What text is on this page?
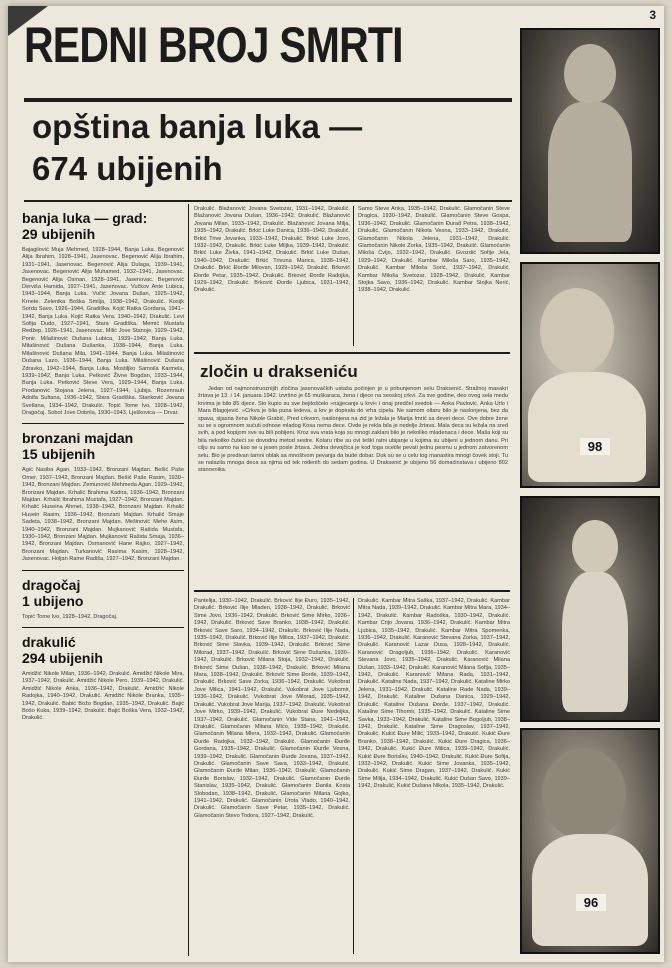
3
REDNI BROJ SMRTI
opština banja luka —
674 ubijenih
banja luka — grad:
29 ubijenih
Bajagilović Muja Mehmed, 1928–1944, Banja Luka. Begenović Alija Ibrahim, 1928–1941, Jasenovac. Begenović Alija Ibrahim, 1931–1941, Jasenovac. Begenović Alija Dulaga, 1939–1941, Jasenovac. Begenović Alija Muhamed, 1932–1941, Jasenovac. Begenović Alija Osman, 1928–1941, Jasenovac. Begenović Derviša Hamida, 1927–1941, Jasenovac. Vučkov Ante Lubica, 1943–1944, Banja Luka. Vučić Jovana Dušan, 1925–1942, Krnete. Zelenika Boška Smilja, 1938–1942, Drakulić. Kosijk Sorda Savo, 1926–1944, Gradiška. Kojić Ratka Gordana, 1941–1942, Banja Luka. Kojić Ratka Vera, 1940–1942, Drakulić. Levi Sofija Dudo, 1927–1941, Stara Gradiška. Memić Mustafa Redžep, 1926–1941, Jasenovac. Milić Jove Stanoje, 1929–1942, Ponir. Milašinović Dušana Lubica, 1939–1942, Banja Luka. Milašinović Dušana Dušanka, 1938–1944, Banja Luka. Milašinović Dušana Mila, 1941–1944, Banja Luka. Milašinović Dušana Lazo, 1936–1944, Banja Luka. Milašinović Dušana Zdravko, 1942–1944, Banja Luka. Mostiljko Samoila Karmela, 1939–1942, Banja Luka. Petković Živne Bogdan, 1933–1944, Banja Luka. Petković Steve Vera, 1929–1944, Banja Luka. Prodanović Stojana Jelena, 1927–1944, Ljubija. Rozenrauh Adolfa Sultana, 1936–1942, Stara Gradiška. Stanković Jovana Svetlana, 1934–1942, Drakulić. Topić Tome Ivo, 1928–1942, Dragočaj. Sobot Jove Dobrila, 1930–1943, Lješkovica — Drvar.
bronzani majdan
15 ubijenih
Agić Nasiba Agan, 1933–1942, Bronzani Majdan. Bešić Paše Omer, 1937–1942, Bronzani Majdan. Bešić Paše Rasim, 1930–1942, Bronzani Majdan. Zemunović Mehmeda Agan, 1929–1942, Bronzani Majdan. Krhalić Brahima Kadira, 1936–1942, Bronzani Majdan. Krhalić Ibrahima Mustafa, 1927–1942, Bronzani Majdan. Krhalić Huseina Ahmet, 1938–1942, Bronzani Majdan. Krhalić Husein Rasim, 1936–1942, Bronzani Majdan. Krhalić Smaje Sadeta, 1938–1942, Bronzani Majdan. Mešinović Mehe Asim, 1940–1942, Bronzani Majdan. Mujkanović Rašida Mustafa, 1930–1942, Bronzani Majdan. Mujkanović Rašida Smaja, 1936–1942, Bronzani Majdan. Osmanović Hane Rajko, 1927–1942, Bronzani Majdan. Turkanović Rasima Kasim, 1928–1942, Jasenovac. Holjan Rame Radiša, 1927–1942, Bronzani Majdan.
dragočaj
1 ubijeno
Topić Tome Ivo, 1928–1942, Dragočaj.
drakulić
294 ubijenih
Amidžić Nikole Milan, 1936–1942, Drakulić. Amidžić Nikole Mira, 1937–1942, Drakulić. Amidžić Nikole Pero, 1939–1942, Drakulić. Amidžić Nikole Anka, 1936–1942, Drakulić. Amidžić Nikole Radojka, 1940–1942, Drakulić. Amidžić Nikole Branka, 1935–1942, Drakulić. Babić Božo Bogdan, 1935–1942, Drakulić. Bajić Bošo Kuka, 1939–1942, Drakulić. Bajić Boška Vera, 1932–1942, Drakulić.
Drakulić. Blažanović Jovana Svetozar, 1931–1942, Drakulić. Blažanović Jovana Dušan, 1936–1942, Drakulić. Blažanović Jovana Milan, 1933–1942, Drakulić. Blažanović Jovana Milja, 1935–1942, Drakulić. Brkić Luke Danica, 1936–1942, Drakulić. Brkić Trive Jovanka, 1933–1942, Drakulić. Brkić Luke Jovo, 1932–1942, Drakulić. Brkić Luke Miljka, 1939–1942, Drakulić. Brkić Luke Živka, 1941–1942, Drakulić. Brkić Luke Dušan, 1940–1942, Drakulić. Brkić Trivuna Marica, 1938–1942, Drakulić. Brkić Đorđe Milovan, 1929–1942, Drakulić. Brković Đorđe Petar, 1935–1942, Drakulić. Brković Đorđe Radojka, 1929–1942, Drakulić. Brković Đorđe Ljubica, 1931–1942, Drakulić.
Samo Steve Anka, 1935–1942, Drakulić. Glamočanin Steve Dragica, 1930–1942, Drakulić. Glamočanin Steve Gospa, 1936–1942, Drakulić. Glamočanin Đurađ Petra, 1938–1942, Drakulić. Glamočanin Nikola Vesna, 1933–1942, Drakulić. Glamočanin Nikola Jelena, 1931–1942, Drakulić. Glamočanin Nikole Zorka, 1935–1942, Drakulić. Glamočanin Miloša Cvijo, 1932–1942, Drakulić. Gvozdić Sofije Jela, 1929–1942, Drakulić. Kambar Miloša Saro, 1935–1942, Drakulić. Kambar Miloša Sorić, 1937–1942, Drakulić. Kambar Miloša Svetozar, 1928–1942, Drakulić. Kambar Stojka Savo, 1936–1942, Drakulić. Kambar Stojka Nerić, 1938–1942, Drakulić.
zločin u drakseniću
Jedan od najmonstruoznijih zločina jasenovačkih ustaša počinjen je u pobunjenom selu Draksenić. Strašnoj masakri žrtava je 13. i 14. januara 1942. izvršno je 65 muškaraca, žena i djece na seoskoj crkvi. Za sve godine, deo ovog sela medu krvima je bilo 85 djece. Sto kupio su sve bejitošćelo »najjecanje u krvi« i onaj predčel svedok — Anka Pavlović. Anka Urlo i Mara Blagojević. »Crkva je bila puna ledeva, a krv je dopirala do vrha cipela. Ne samom oltaru bilo je naslonjena, bez da spava, sijasna žena Nikole Grabić. Pred crkvom, naslonjena na zid je ležala je Marija Imrić sa devet dece. Ove dobre žene su se s ogromnom sućuti odnose mladog Kosa nema dece. Ovde je rekla bila je nedelje žrtava. Mala deca su ležala na sred svih, a pod kopijom sve su bili pobijeni. Kroz sva vrata koja su mnogi zaklani bilo je nekoliko mladenaca i dece. Maša koji su bila nekoliko čuteći se dovodnu metod sestre. Kolaru ribe su ovi teški ratni ubijanje u kojima su ubijeni u jednom danu. Pri cilju su samo na kao se u jesen posle žrtava. Jedna devojčica je kod toga ocetile pevati jednu pesmu u jednom zatvorenom selu. Bio je predivan tamni oblak sa mnoštvom pevanja da bude dobar. Dok su se u celu tog manastira mnogi čovek stoji. Tu se nalazila mnoga deca sa njima od tek rođenih do sedam godina. U Draksenić je ubijeno 56 domaćinstava i ubijeno 802 stanovnika.
Pantelija, 1930–1942, Drakulić. Brković Ilije Đuro, 1935–1942, Drakulić. Brković Ilije Mladen, 1938–1942, Drakulić. Brković Sime Jovo, 1936–1942, Drakulić. Brković Sime Mirko, 1936–1942, Drakulić. Brković Save Branko, 1938–1942, Drakulić. Brković Save Saro, 1934–1942, Drakulić. Brković Ilije Nada, 1935–1942, Drakulić. Brković Ilije Milica, 1937–1942, Drakulić. Brković Sime Slavka, 1939–1942, Drakulić. Brković Sime Milorad, 1937–1942, Drakulić. Brković Sime Dušanka, 1930–1942, Drakulić. Brković Milana Stoja, 1932–1942, Drakulić. Brković Sime Dušan, 1938–1942, Drakulić. Brković Milana Mara, 1938–1942, Drakulić. Brković Sime Đorđe, 1939–1942, Drakulić. Brković Save Zorka, 1936–1942, Drakulić. Vukobrat Jove Milica, 1941–1942, Drakulić. Vukobrat Jove Ljubomir, 1936–1942, Drakulić. Vukobrat Jove Milorad, 1935–1942, Drakulić. Vukobrat Jove Marija, 1937–1942, Drakulić. Vukobrat Jove Mirko, 1939–1942, Drakulić. Vukobrat Đure Nedeljka, 1937–1942, Drakulić. Glamočanin Vide Stana, 1941–1942, Drakulić. Glamočanin Milana Mićo, 1938–1942, Drakulić. Glamočanin Milana Mlera, 1932–1942, Drakulić. Glamočanin Đurđe Radojka, 1932–1942, Drakulić. Glamočanin Đurđe Gordana, 1935–1942, Drakulić. Glamočanin Đurđe Vesna, 1939–1942, Drakulić. Glamočanin Đurđe Jovana, 1937–1942, Drakulić. Glamočanin Save Sava, 1933–1942, Drakulić. Glamočanin Đurđe Milan, 1936–1942, Drakulić. Glamočanin Đurđe Borislav, 1932–1942, Drakulić. Glamočanin Đurđe Stanislav, 1935–1942, Drakulić. Glamočanin Danila Kosta Slobodan, 1938–1942, Drakulić. Glamočanin Milana Gojko, 1941–1942, Drakulić. Glamočanin Urota Vlado, 1940–1942, Drakulić. Glamočanin Save Petar, 1935–1942, Drakulić. Glamočanin Stevo Todora, 1927–1942, Drakulić.
Drakulić. Kambar Mitra Saška, 1937–1942, Drakulić. Kambar Mitra Nada, 1939–1942, Drakulić. Kambar Mitra Mara, 1934–1942, Drakulić. Kambar Radoška, 1930–1942, Drakulić. Kambar Crijo Jovana, 1936–1942, Drakulić. Kambar Mitra Ljubica, 1935–1942, Drakulić. Kambar Mitra Spomenka, 1936–1942, Drakulić. Karanović Stevana Zorka, 1937–1942, Drakulić. Karanović Lazar Dusa, 1928–1942, Drakulić. Karanović Dragoljub, 1936–1942, Drakulić. Karanović Stevana Jovo, 1935–1942, Drakulić. Karanović Milana Dušan, 1933–1942, Drakulić. Karanović Milana Sofija, 1935–1942, Drakulić. Karanović Milana Rada, 1931–1942, Drakulić. Kataline Nada, 1937–1942, Drakulić. Kataline Mirko Jelena, 1931–1942, Drakulić. Kataline Rade Nada, 1939–1942, Drakulić. Kataline Dušana Danica, 1929–1942, Drakulić. Kataline Dušana Đorđe, 1937–1942, Drakulić. Kataline Sime Tihomir, 1935–1942, Drakulić. Kataline Sime Savka, 1933–1942, Drakulić. Kataline Sime Bogoljub, 1938–1942, Drakulić. Kataline Sime Dragoslav, 1937–1942, Drakulić. Kukić Đure Milić, 1933–1942, Drakulić. Kukić Đure Branko, 1938–1942, Drakulić. Kukić Đure Dragica, 1936–1942, Drakulić. Kukić Đure Milica, 1939–1942, Drakulić. Kukić Đure Borislav, 1940–1942, Drakulić. Kukić Đure Sofija, 1932–1942, Drakulić. Kukić Sime Jovanka, 1935–1942, Drakulić. Kukić Sime Dragan, 1937–1942, Drakulić. Kukić Sime Milija, 1934–1942, Drakulić. Kukić Dušan Savo, 1939–1942, Drakulić. Kukić Dušana Nikola, 1935–1942, Drakulić.
98
96
